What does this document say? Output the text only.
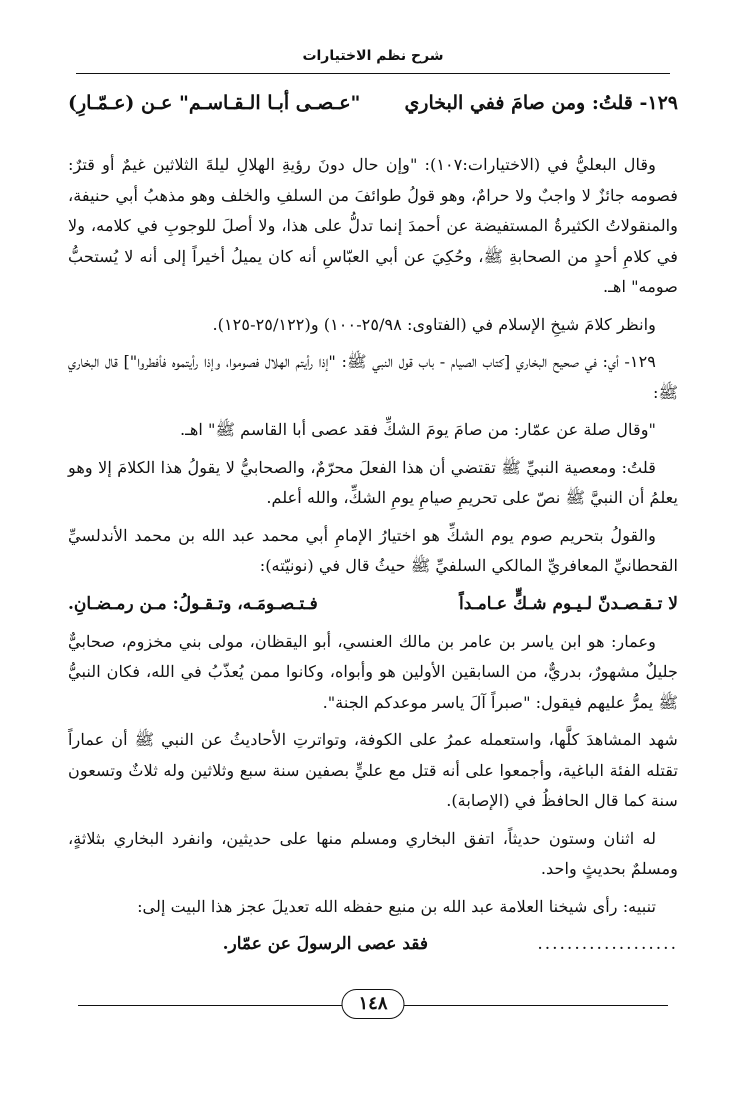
شرح نظم الاختيارات
١٢٩- قلتُ: ومن صامَ ففي البخاري
"عـصـى أبـا الـقـاسـم" عـن (عـمّـارِ)

وقال البعليُّ في (الاختيارات:١٠٧): "وإن حال دونَ رؤيةِ الهلالِ ليلةَ الثلاثين غيمٌ أو قترٌ: فصومه جائزٌ لا واجبٌ ولا حرامٌ، وهو قولُ طوائفَ من السلفِ والخلف وهو مذهبُ أبي حنيفة، والمنقولاتُ الكثيرةُ المستفيضة عن أحمدَ إنما تدلُّ على هذا، ولا أصلَ للوجوبِ في كلامه، ولا في كلامِ أحدٍ من الصحابةِ ﷺ، وحُكِيَ عن أبي العبّاسِ أنه كان يميلُ أخيراً إلى أنه لا يُستحبُّ صومه" اهـ.

وانظر كلامَ شيخِ الإسلام في (الفتاوى: ٢٥/٩٨-١٠٠) و(٢٥/١٢٢-١٢٥).

١٢٩- أي: في صحيح البخاري [كتاب الصيام - باب قول النبي ﷺ: "إذا رأيتم الهلال فصوموا، وإذا رأيتموه فأفطروا"] قال البخاري ﷺ:

"وقال صلة عن عمّار: من صامَ يومَ الشكِّ فقد عصى أبا القاسم ﷺ" اهـ.

قلتُ: ومعصية النبيِّ ﷺ تقتضي أن هذا الفعلَ محرّمٌ، والصحابيُّ لا يقولُ هذا الكلامَ إلا وهو يعلمُ أن النبيَّ ﷺ نصّ على تحريمِ صيامِ يومِ الشكِّ، والله أعلم.

والقولُ بتحريم صوم يوم الشكِّ هو اختيارُ الإمامِ أبي محمد عبد الله بن محمد الأندلسيِّ القحطانيِّ المعافريِّ المالكي السلفيِّ ﷺ حيثُ قال في (نونيّته):

لا تـقـصـدنّ لـيـوم شـكٍّ عـامـداً
فـتـصـومَـه، وتـقـولُ: مـن رمـضـانِ.

وعمار: هو ابن ياسر بن عامر بن مالك العنسي، أبو اليقظان، مولى بني مخزوم، صحابيٌّ جليلٌ مشهورٌ، بدريٌّ، من السابقين الأولين هو وأبواه، وكانوا ممن يُعذّبُ في الله، فكان النبيُّ ﷺ يمرُّ عليهم فيقول: "صبراً آلَ ياسر موعدكم الجنة".

شهد المشاهدَ كلَّها، واستعمله عمرُ على الكوفة، وتواترتِ الأحاديثُ عن النبي ﷺ أن عماراً تقتله الفئة الباغية، وأجمعوا على أنه قتل مع عليٍّ بصفين سنة سبع وثلاثين وله ثلاثٌ وتسعون سنة كما قال الحافظُ في (الإصابة).

له اثنان وستون حديثاً، اتفق البخاري ومسلم منها على حديثين، وانفرد البخاري بثلاثةٍ، ومسلمٌ بحديثٍ واحد.

تنبيه: رأى شيخنا العلامة عبد الله بن منيع حفظه الله تعديلَ عجز هذا البيت إلى:

...................
فقد عصى الرسولَ عن عمّار.
١٤٨
